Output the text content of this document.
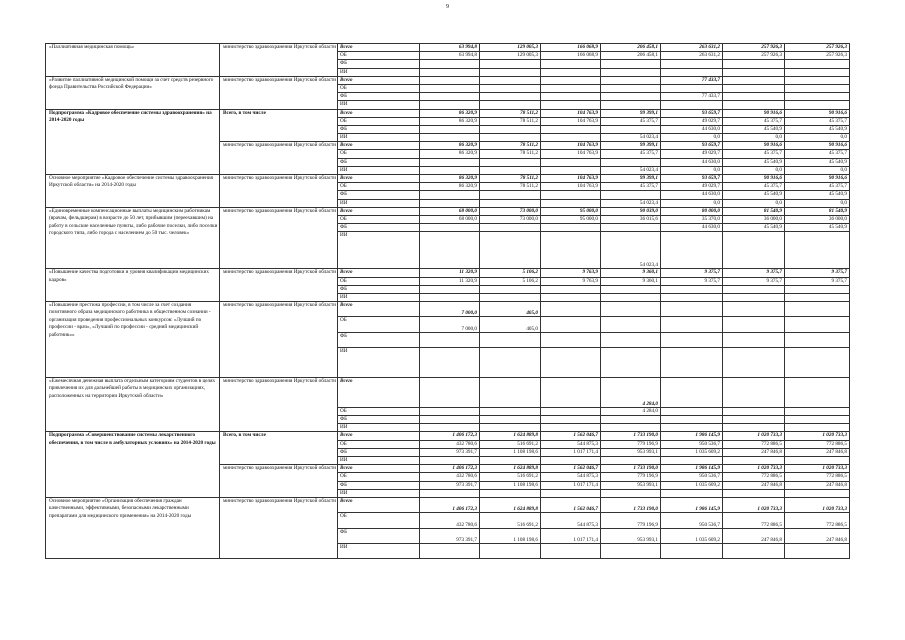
9
«Паллиативная медицинская помощь»	министерство здравоохранения Иркутской области	Всего	63 994,8	129 005,3	166 068,9	206 458,1	263 631,2	257 926,3	257 926,3
		ОБ	63 994,8	129 005,3	166 068,9	206 458,1	263 631,2	257 926,3	257 926,3
		ФБ							
		ИИ							
«Развитие паллиативной медицинской помощи за счет средств резервного фонда Правительства Российской Федерации»	министерство здравоохранения Иркутской области	Всего					77 433,7		
		ОБ							
		ФБ					77 433,7		
		ИИ							
Подпрограмма «Кадровое обеспечение системы здравоохранения» на 2014-2020 годы	Всего, в том числе	Всего	86 320,9	78 511,2	104 763,9	99 399,1	93 659,7	90 916,6	90 916,6
		ОБ	86 320,9	78 511,2	104 763,9	45 375,7	49 029,7	45 375,7	45 375,7
		ФБ					44 630,0	45 540,9	45 540,9
		ИИ				54 023,4	0,0	0,0	0,0
	министерство здравоохранения Иркутской области	Всего	86 320,9	78 511,2	104 763,9	99 399,1	93 659,7	90 916,6	90 916,6
		ОБ	86 320,9	78 511,2	104 763,9	45 375,7	49 029,7	45 375,7	45 375,7
		ФБ					44 630,0	45 540,9	45 540,9
		ИИ				54 023,4	0,0	0,0	0,0
Основное мероприятие «Кадровое обеспечение системы здравоохранения Иркутской области» на 2014-2020 годы	министерство здравоохранения Иркутской области	Всего	86 320,9	78 511,2	104 763,9	99 399,1	93 659,7	90 916,6	90 916,6
		ОБ	86 320,9	78 511,2	104 763,9	45 375,7	49 029,7	45 375,7	45 375,7
		ФБ					44 630,0	45 540,9	45 540,9
		ИИ				54 023,4	0,0	0,0	0,0
«Единовременные компенсационные выплаты медицинским работникам (врачам, фельдшерам) в возрасте до 50 лет, прибывшим (переехавшим) на работу в сельские населенные пункты, либо рабочие поселки, либо поселки городского типа, либо города с населением до 50 тыс. человек»	министерство здравоохранения Иркутской области	Всего	68 000,0	73 000,0	95 000,0	90 039,0	80 000,0	81 540,9	81 540,9
		ОБ	68 000,0	73 000,0	95 000,0	36 015,6	35 370,0	36 000,0	36 000,0
		ФБ					44 630,0	45 540,9	45 540,9
		ИИ				54 023,4			
«Повышение качества подготовки и уровня квалификации медицинских кадров»	министерство здравоохранения Иркутской области	Всего	11 320,9	5 106,2	9 763,9	9 360,1	9 375,7	9 375,7	9 375,7
		ОБ	11 320,9	5 106,2	9 763,9	9 360,1	9 375,7	9 375,7	9 375,7
		ФБ							
		ИИ							
«Повышение престижа профессии, в том числе за счет создания позитивного образа медицинского работника в общественном сознании - организация проведения профессиональных конкурсов: «Лучший по профессии - врач», «Лучший по профессии - средний медицинский работник»»	министерство здравоохранения Иркутской области	Всего	7 000,0	405,0					
		ОБ	7 000,0	405,0					
		ФБ							
		ИИ							
«Ежемесячная денежная выплата отдельным категориям студентов в целях привлечения их для дальнейшей работы в медицинских организациях, расположенных на территории Иркутской области»	министерство здравоохранения Иркутской области	Всего				4 284,0			
		ОБ				4 284,0			
		ФБ							
		ИИ							
Подпрограмма «Совершенствование системы лекарственного обеспечения, в том числе в амбулаторных условиях» на 2014-2020 годы	Всего, в том числе	Всего	1 406 172,3	1 624 889,8	1 562 046,7	1 733 190,0	1 986 145,9	1 020 733,3	1 020 733,3
		ОБ	432 780,6	516 691,2	544 875,3	779 196,9	950 536,7	772 886,5	772 886,5
		ФБ	973 391,7	1 108 198,6	1 017 171,4	953 993,1	1 035 609,2	247 846,8	247 846,8
		ИИ							
	министерство здравоохранения Иркутской области	Всего	1 406 172,3	1 624 889,8	1 562 046,7	1 733 190,0	1 986 145,9	1 020 733,3	1 020 733,3
		ОБ	432 780,6	516 691,2	544 875,3	779 196,9	950 536,7	772 886,5	772 886,5
		ФБ	973 391,7	1 108 198,6	1 017 171,4	953 993,1	1 035 609,2	247 846,8	247 846,8
		ИИ							
Основное мероприятие «Организация обеспечения граждан качественными, эффективными, безопасными лекарственными препаратами для медицинского применения» на 2014-2020 годы	министерство здравоохранения Иркутской области	Всего	1 406 172,3	1 624 889,8	1 562 046,7	1 733 190,0	1 986 145,9	1 020 733,3	1 020 733,3
		ОБ	432 780,6	516 691,2	544 875,3	779 196,9	950 536,7	772 886,5	772 886,5
		ФБ	973 391,7	1 108 198,6	1 017 171,4	953 993,1	1 035 609,2	247 846,8	247 846,8
		ИИ							
